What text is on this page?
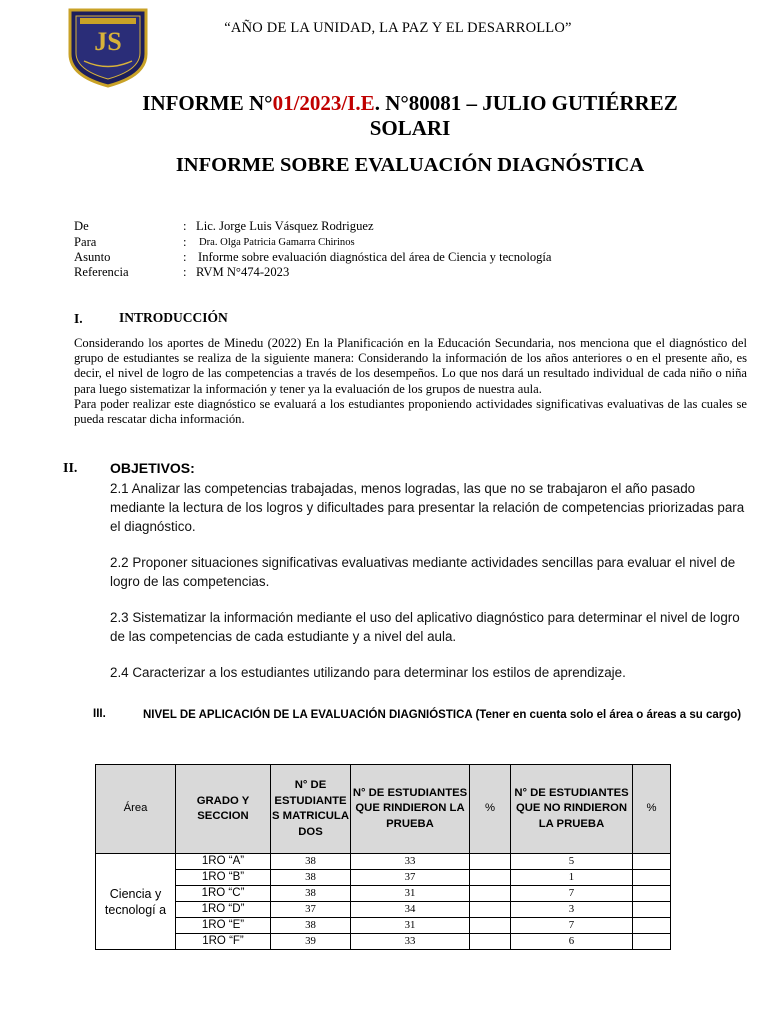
JS	“AÑO DE LA UNIDAD, LA PAZ Y EL DESARROLLO”
INFORME N°01/2023/I.E. N°80081 – JULIO GUTIÉRREZ
SOLARI
INFORME SOBRE EVALUACIÓN DIAGNÓSTICA
De	: Lic. Jorge Luis Vásquez Rodriguez
Para	: Dra. Olga Patricia Gamarra Chirinos
Asunto	: Informe sobre evaluación diagnóstica del área de Ciencia y tecnología
Referencia	: RVM N°474-2023
I.	INTRODUCCIÓN

Considerando los aportes de Minedu (2022) En la Planificación en la Educación Secundaria, nos menciona que el diagnóstico del grupo de estudiantes se realiza de la siguiente manera: Considerando la información de los años anteriores o en el presente año, es decir, el nivel de logro de las competencias a través de los desempeños. Lo que nos dará un resultado individual de cada niño o niña para luego sistematizar la información y tener ya la evaluación de los grupos de nuestra aula.

Para poder realizar este diagnóstico se evaluará a los estudiantes proponiendo actividades significativas evaluativas de las cuales se pueda rescatar dicha información.

II. OBJETIVOS:
2.1 Analizar las competencias trabajadas, menos logradas, las que no se trabajaron el año pasado mediante la lectura de los logros y dificultades para presentar la relación de competencias priorizadas para el diagnóstico.
2.2 Proponer situaciones significativas evaluativas mediante actividades sencillas para evaluar el nivel de logro de las competencias.
2.3 Sistematizar la información mediante el uso del aplicativo diagnóstico para determinar el nivel de logro de las competencias de cada estudiante y a nivel del aula.
2.4 Caracterizar a los estudiantes utilizando para determinar los estilos de aprendizaje.
III.	NIVEL DE APLICACIÓN DE LA EVALUACIÓN DIAGNIÓSTICA (Tener en cuenta solo el área o áreas a su cargo)
Área	GRADO Y SECCION	N° DE ESTUDIANTE S MATRICULA DOS	N° DE ESTUDIANTES QUE RINDIERON LA PRUEBA	%	N° DE ESTUDIANTES QUE NO RINDIERON LA PRUEBA	%
Ciencia y tecnologí a	1RO “A”	38	33		5	
	1RO “B”	38	37		1	
	1RO “C”	38	31		7	
	1RO “D”	37	34		3	
	1RO “E”	38	31		7	
	1RO “F”	39	33		6	
